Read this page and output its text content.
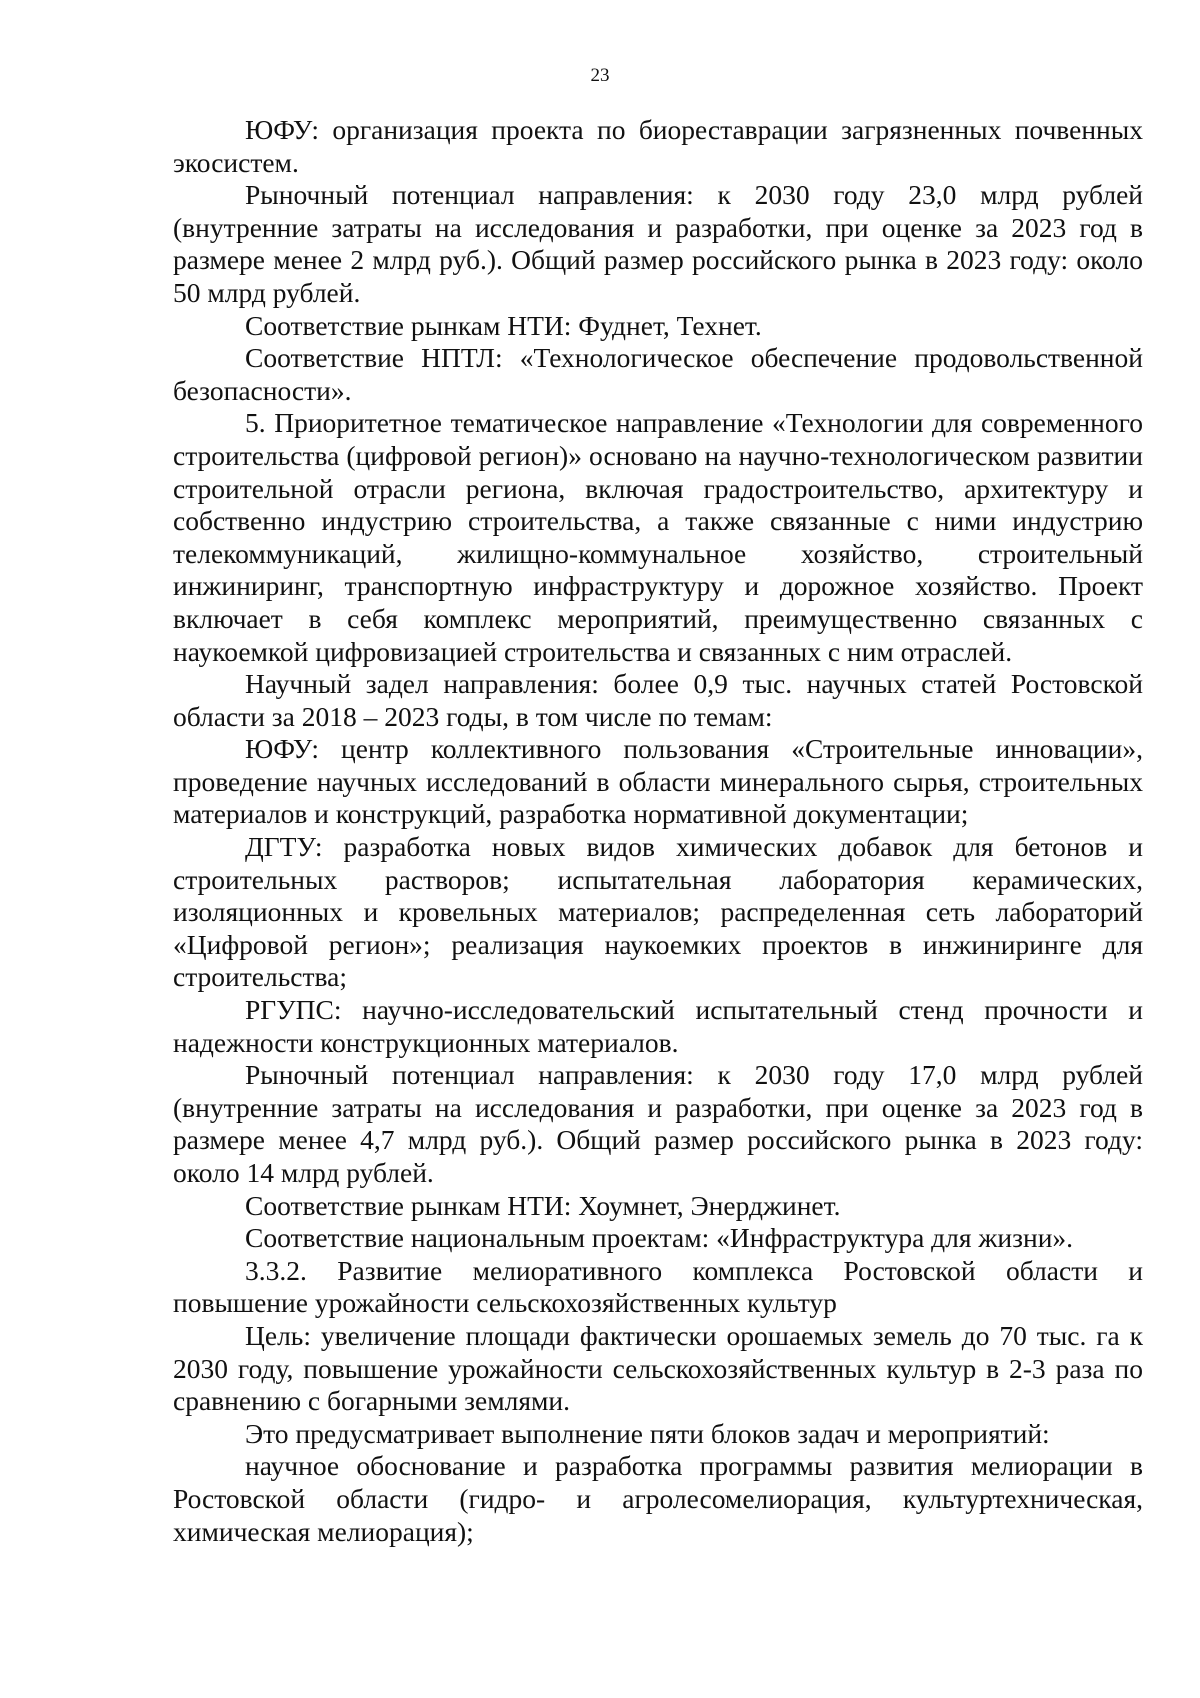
23

ЮФУ: организация проекта по биореставрации загрязненных почвенных экосистем.

Рыночный потенциал направления: к 2030 году 23,0 млрд рублей (внутренние затраты на исследования и разработки, при оценке за 2023 год в размере менее 2 млрд руб.). Общий размер российского рынка в 2023 году: около 50 млрд рублей.

Соответствие рынкам НТИ: Фуднет, Технет.

Соответствие НПТЛ: «Технологическое обеспечение продовольственной безопасности».

5. Приоритетное тематическое направление «Технологии для современного строительства (цифровой регион)» основано на научно-технологическом развитии строительной отрасли региона, включая градостроительство, архитектуру и собственно индустрию строительства, а также связанные с ними индустрию телекоммуникаций, жилищно-коммунальное хозяйство, строительный инжиниринг, транспортную инфраструктуру и дорожное хозяйство. Проект включает в себя комплекс мероприятий, преимущественно связанных с наукоемкой цифровизацией строительства и связанных с ним отраслей.

Научный задел направления: более 0,9 тыс. научных статей Ростовской области за 2018 – 2023 годы, в том числе по темам:

ЮФУ: центр коллективного пользования «Строительные инновации», проведение научных исследований в области минерального сырья, строительных материалов и конструкций, разработка нормативной документации;

ДГТУ: разработка новых видов химических добавок для бетонов и строительных растворов; испытательная лаборатория керамических, изоляционных и кровельных материалов; распределенная сеть лабораторий «Цифровой регион»; реализация наукоемких проектов в инжиниринге для строительства;

РГУПС: научно-исследовательский испытательный стенд прочности и надежности конструкционных материалов.

Рыночный потенциал направления: к 2030 году 17,0 млрд рублей (внутренние затраты на исследования и разработки, при оценке за 2023 год в размере менее 4,7 млрд руб.). Общий размер российского рынка в 2023 году: около 14 млрд рублей.

Соответствие рынкам НТИ: Хоумнет, Энерджинет.

Соответствие национальным проектам: «Инфраструктура для жизни».

3.3.2. Развитие мелиоративного комплекса Ростовской области и повышение урожайности сельскохозяйственных культур

Цель: увеличение площади фактически орошаемых земель до 70 тыс. га к 2030 году, повышение урожайности сельскохозяйственных культур в 2-3 раза по сравнению с богарными землями.

Это предусматривает выполнение пяти блоков задач и мероприятий:

научное обоснование и разработка программы развития мелиорации в Ростовской области (гидро- и агролесомелиорация, культуртехническая, химическая мелиорация);
